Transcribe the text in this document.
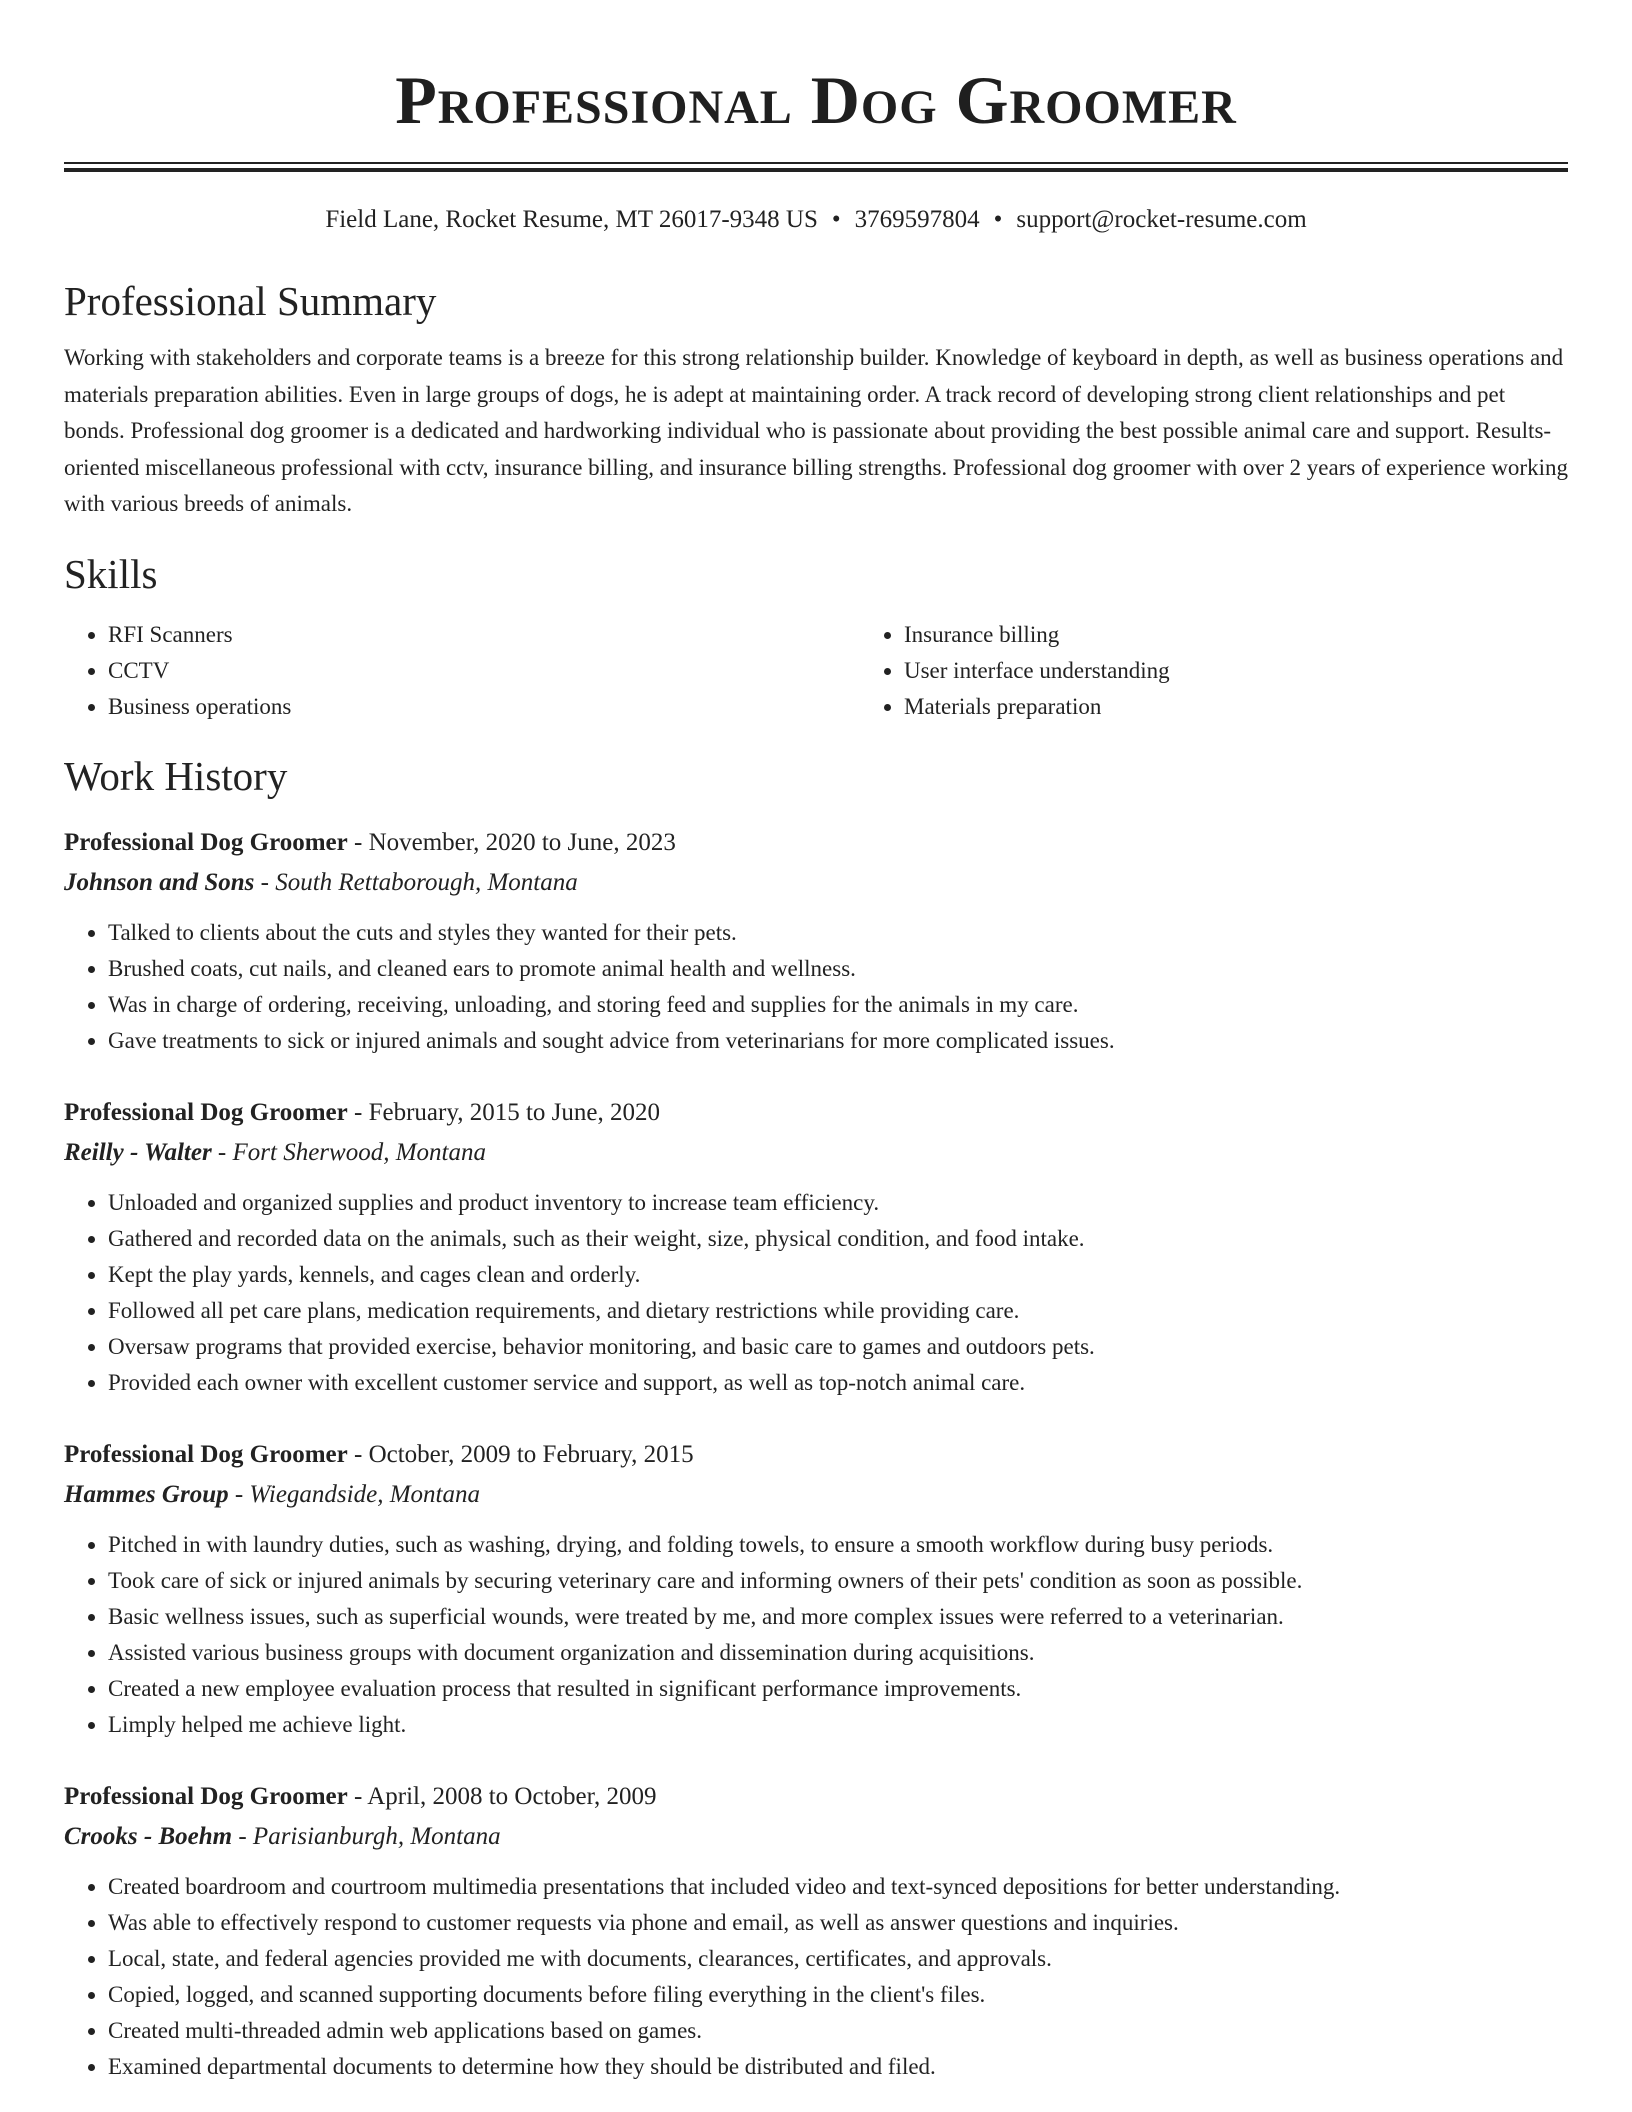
Professional Dog Groomer
Field Lane, Rocket Resume, MT 26017-9348 US • 3769597804 • support@rocket-resume.com
Professional Summary

Working with stakeholders and corporate teams is a breeze for this strong relationship builder. Knowledge of keyboard in depth, as well as business operations and materials preparation abilities. Even in large groups of dogs, he is adept at maintaining order. A track record of developing strong client relationships and pet bonds. Professional dog groomer is a dedicated and hardworking individual who is passionate about providing the best possible animal care and support. Results-oriented miscellaneous professional with cctv, insurance billing, and insurance billing strengths. Professional dog groomer with over 2 years of experience working with various breeds of animals.

Skills
• RFI Scanners
• CCTV
• Business operations
• Insurance billing
• User interface understanding
• Materials preparation
Work History
Professional Dog Groomer - November, 2020 to June, 2023
Johnson and Sons - South Rettaborough, Montana
• Talked to clients about the cuts and styles they wanted for their pets.
• Brushed coats, cut nails, and cleaned ears to promote animal health and wellness.
• Was in charge of ordering, receiving, unloading, and storing feed and supplies for the animals in my care.
• Gave treatments to sick or injured animals and sought advice from veterinarians for more complicated issues.
Professional Dog Groomer - February, 2015 to June, 2020
Reilly - Walter - Fort Sherwood, Montana
• Unloaded and organized supplies and product inventory to increase team efficiency.
• Gathered and recorded data on the animals, such as their weight, size, physical condition, and food intake.
• Kept the play yards, kennels, and cages clean and orderly.
• Followed all pet care plans, medication requirements, and dietary restrictions while providing care.
• Oversaw programs that provided exercise, behavior monitoring, and basic care to games and outdoors pets.
• Provided each owner with excellent customer service and support, as well as top-notch animal care.
Professional Dog Groomer - October, 2009 to February, 2015
Hammes Group - Wiegandside, Montana
• Pitched in with laundry duties, such as washing, drying, and folding towels, to ensure a smooth workflow during busy periods.
• Took care of sick or injured animals by securing veterinary care and informing owners of their pets' condition as soon as possible.
• Basic wellness issues, such as superficial wounds, were treated by me, and more complex issues were referred to a veterinarian.
• Assisted various business groups with document organization and dissemination during acquisitions.
• Created a new employee evaluation process that resulted in significant performance improvements.
• Limply helped me achieve light.
Professional Dog Groomer - April, 2008 to October, 2009
Crooks - Boehm - Parisianburgh, Montana
• Created boardroom and courtroom multimedia presentations that included video and text-synced depositions for better understanding.
• Was able to effectively respond to customer requests via phone and email, as well as answer questions and inquiries.
• Local, state, and federal agencies provided me with documents, clearances, certificates, and approvals.
• Copied, logged, and scanned supporting documents before filing everything in the client's files.
• Created multi-threaded admin web applications based on games.
• Examined departmental documents to determine how they should be distributed and filed.
